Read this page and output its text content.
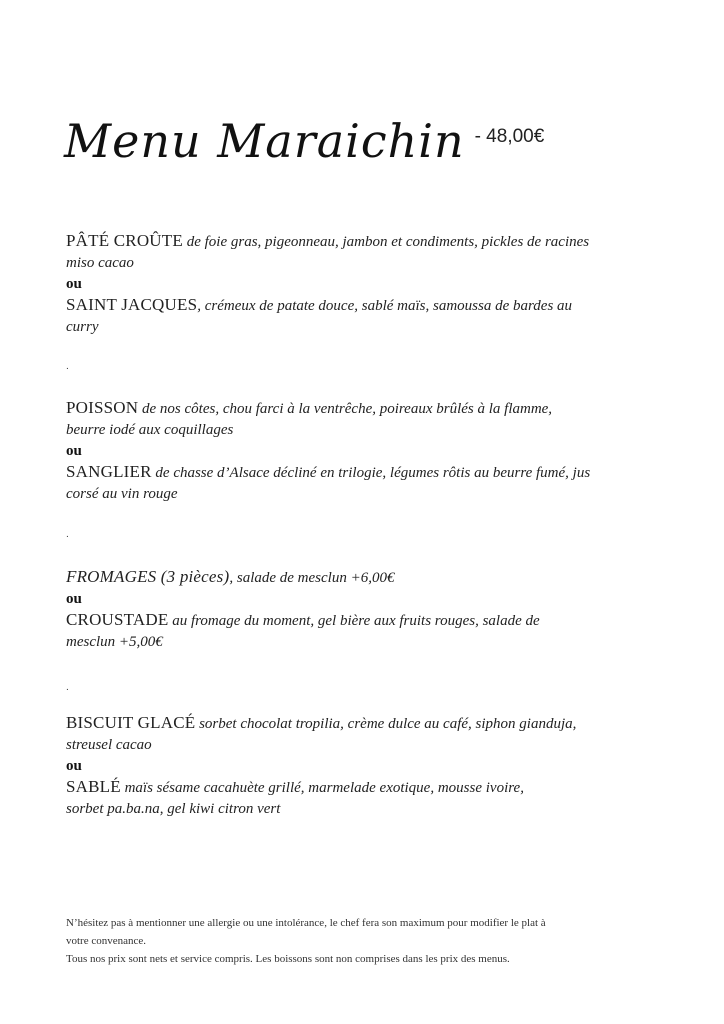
Menu Maraichin - 48,00€

PÂTÉ CROÛTE de foie gras, pigeonneau, jambon et condiments, pickles de racines

miso cacao

ou

SAINT JACQUES, crémeux de patate douce, sablé maïs, samoussa de bardes au

curry

.

POISSON de nos côtes, chou farci à la ventrêche, poireaux brûlés à la flamme,

beurre iodé aux coquillages

ou

SANGLIER de chasse d’Alsace décliné en trilogie, légumes rôtis au beurre fumé, jus

corsé au vin rouge

.

FROMAGES (3 pièces), salade de mesclun +6,00€

ou

CROUSTADE au fromage du moment, gel bière aux fruits rouges, salade de

mesclun +5,00€

.

BISCUIT GLACÉ sorbet chocolat tropilia, crème dulce au café, siphon gianduja,

streusel cacao

ou

SABLÉ maïs sésame cacahuète grillé, marmelade exotique, mousse ivoire,

sorbet pa.ba.na, gel kiwi citron vert

N’hésitez pas à mentionner une allergie ou une intolérance, le chef fera son maximum pour modifier le plat à

votre convenance.

Tous nos prix sont nets et service compris. Les boissons sont non comprises dans les prix des menus.
